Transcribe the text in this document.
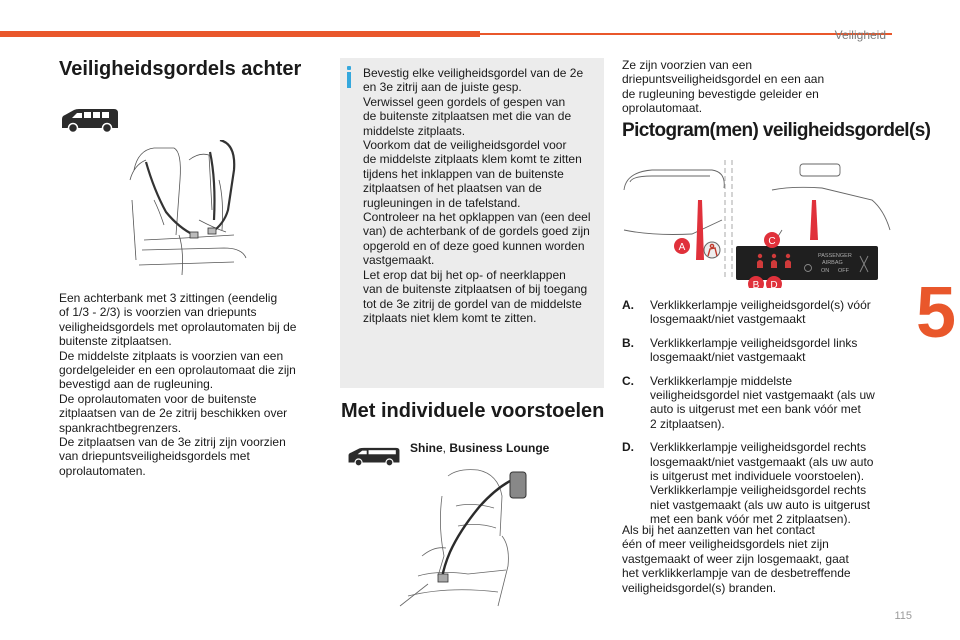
Veiligheid
5
115
Veiligheidsgordels achter

Een achterbank met 3 zittingen (eendelig

of 1/3 - 2/3) is voorzien van driepunts

veiligheidsgordels met oprolautomaten bij de

buitenste zitplaatsen.

De middelste zitplaats is voorzien van een

gordelgeleider en een oprolautomaat die zijn

bevestigd aan de rugleuning.

De oprolautomaten voor de buitenste

zitplaatsen van de 2e zitrij beschikken over

spankrachtbegrenzers.

De zitplaatsen van de 3e zitrij zijn voorzien

van driepuntsveiligheidsgordels met

oprolautomaten.

Bevestig elke veiligheidsgordel van de 2e

en 3e zitrij aan de juiste gesp.

Verwissel geen gordels of gespen van

de buitenste zitplaatsen met die van de

middelste zitplaats.

Voorkom dat de veiligheidsgordel voor

de middelste zitplaats klem komt te zitten

tijdens het inklappen van de buitenste

zitplaatsen of het plaatsen van de

rugleuningen in de tafelstand.

Controleer na het opklappen van (een deel

van) de achterbank of de gordels goed zijn

opgerold en of deze goed kunnen worden

vastgemaakt.

Let erop dat bij het op- of neerklappen

van de buitenste zitplaatsen of bij toegang

tot de 3e zitrij de gordel van de middelste

zitplaats niet klem komt te zitten.

Met individuele voorstoelen
Shine, Business Lounge

Ze zijn voorzien van een

driepuntsveiligheidsgordel en een aan

de rugleuning bevestigde geleider en

oprolautomaat.

Pictogram(men) veiligheidsgordel(s)
PASSENGER
AIRBAG
ON OFF
A
C
B D
A.	Verklikkerlampje veiligheidsgordel(s) vóór

losgemaakt/niet vastgemaakt

B.	Verklikkerlampje veiligheidsgordel links

losgemaakt/niet vastgemaakt

C.	Verklikkerlampje middelste

veiligheidsgordel niet vastgemaakt (als uw

auto is uitgerust met een bank vóór met

2 zitplaatsen).

D.	Verklikkerlampje veiligheidsgordel rechts

losgemaakt/niet vastgemaakt (als uw auto

is uitgerust met individuele voorstoelen).

Verklikkerlampje veiligheidsgordel rechts

niet vastgemaakt (als uw auto is uitgerust

met een bank vóór met 2 zitplaatsen).

Als bij het aanzetten van het contact

één of meer veiligheidsgordels niet zijn

vastgemaakt of weer zijn losgemaakt, gaat

het verklikkerlampje van de desbetreffende

veiligheidsgordel(s) branden.
